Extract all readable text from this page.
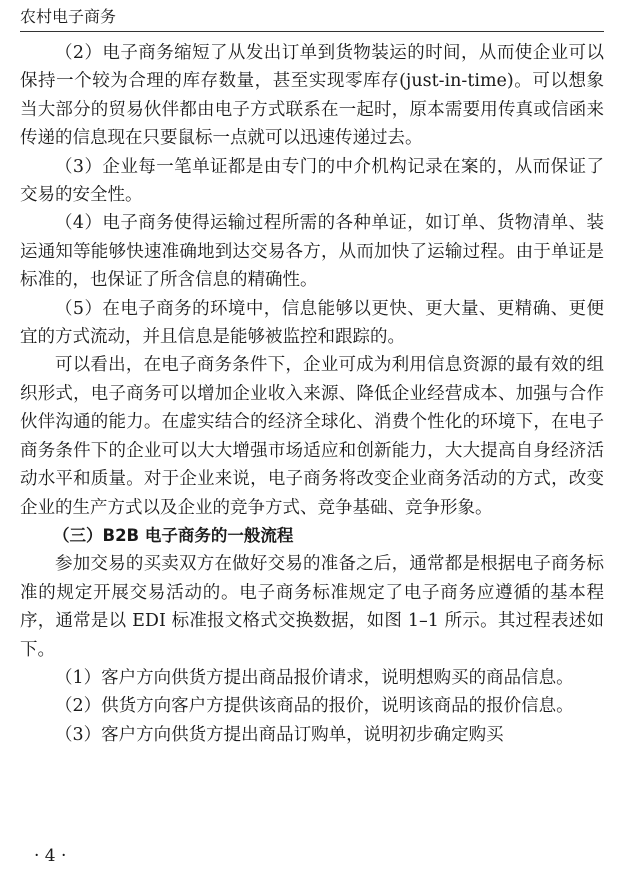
农村电子商务

（2）电子商务缩短了从发出订单到货物装运的时间，从而使企业可以保持一个较为合理的库存数量，甚至实现零库存(just-in-time)。可以想象当大部分的贸易伙伴都由电子方式联系在一起时，原本需要用传真或信函来传递的信息现在只要鼠标一点就可以迅速传递过去。

（3）企业每一笔单证都是由专门的中介机构记录在案的，从而保证了交易的安全性。

（4）电子商务使得运输过程所需的各种单证，如订单、货物清单、装运通知等能够快速准确地到达交易各方，从而加快了运输过程。由于单证是标准的，也保证了所含信息的精确性。

（5）在电子商务的环境中，信息能够以更快、更大量、更精确、更便宜的方式流动，并且信息是能够被监控和跟踪的。

可以看出，在电子商务条件下，企业可成为利用信息资源的最有效的组织形式，电子商务可以增加企业收入来源、降低企业经营成本、加强与合作伙伴沟通的能力。在虚实结合的经济全球化、消费个性化的环境下，在电子商务条件下的企业可以大大增强市场适应和创新能力，大大提高自身经济活动水平和质量。对于企业来说，电子商务将改变企业商务活动的方式，改变企业的生产方式以及企业的竞争方式、竞争基础、竞争形象。

（三）B2B 电子商务的一般流程

参加交易的买卖双方在做好交易的准备之后，通常都是根据电子商务标准的规定开展交易活动的。电子商务标准规定了电子商务应遵循的基本程序，通常是以 EDI 标准报文格式交换数据，如图 1–1 所示。其过程表述如下。

（1）客户方向供货方提出商品报价请求，说明想购买的商品信息。

（2）供货方向客户方提供该商品的报价，说明该商品的报价信息。

（3）客户方向供货方提出商品订购单，说明初步确定购买

· 4 ·
